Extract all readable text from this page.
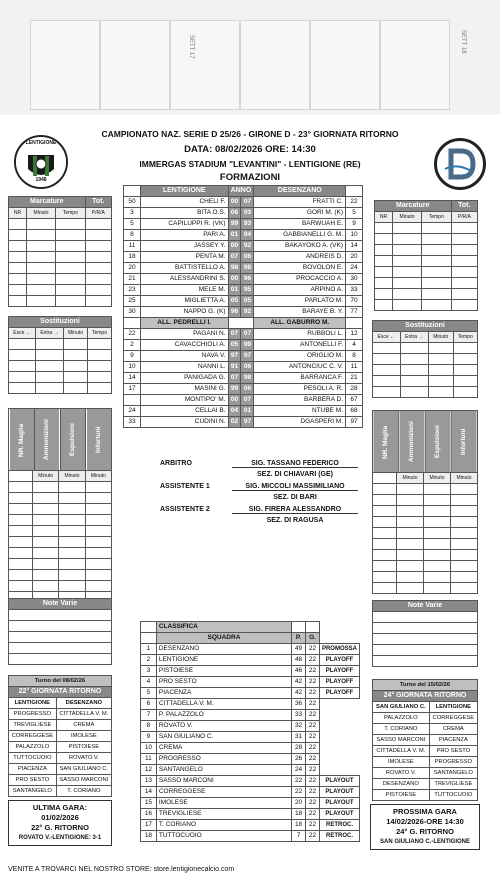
SETT 17	SETT 18
LENTIGIONE
1948
CAMPIONATO NAZ. SERIE D 25/26 - GIRONE D - 23° GIORNATA RITORNO
DATA: 08/02/2026 ORE: 14:30
IMMERGAS STADIUM "LEVANTINI" - LENTIGIONE (RE)
FORMAZIONI
Marcature			Tot.
NR	Minuto	Tempo	P/R/A

Sostituzioni			
Esce ←	Entra →	Minuto	Tempo

NR. Maglia	Ammonizioni	Espulsioni	Infortuni
	Minuto	Minuto	Minuto

Note Varie

Marcature			Tot.
NR	Minuto	Tempo	P/R/A

Sostituzioni			
Esce ←	Entra →	Minuto	Tempo

NR. Maglia	Ammonizioni	Espulsioni	Infortuni
	Minuto	Minuto	Minuto

Note Varie

	LENTIGIONE	ANNO		DESENZANO	
50	CHELI F.	00	07	FRATTI C.	22
3	BITA O.S.	06	93	GORI M. (K)	5
5	CAPILUPPI R. (VK)	99	93	BARWUAH E.	9
8	PARI A.	01	94	GABBIANELLI G. M.	10
11	JASSEY Y.	00	92	BAKAYOKO A. (VK)	14
18	PENTA M.	07	06	ANDREIS D.	20
20	BATTISTELLO A.	98	98	BOVOLON E.	24
21	ALESSANDRINI S.	00	96	PROCACCIO A.	30
23	MELE M.	01	95	ARPINO A.	33
25	MIGLIETTA A.	05	05	PARLATO M.	70
30	NAPPO G. (K)	96	92	BARAYE B. Y.	77
	ALL. PEDRELLI I.			ALL. GABURRO M.	
22	PAGANI N.	07	07	RUBBOLI L.	12
2	CAVACCHIOLI A.	05	99	ANTONELLI F.	4
9	NAVA V.	97	97	ORIGLIO M.	8
10	NANNI L.	91	06	ANTONCIUC C. V.	11
14	PANIGADA G.	07	98	BARRANCA F.	21
17	MASINI G.	99	06	PESOLI A. R.	28
	MONTIPO' M.	00	07	BARBERA D.	67
24	CELLAI B.	04	01	NTUBE M.	68
33	CUDINI N.	02	97	DGASPERI M.	97
ARBITRO	SIG. TASSANO FEDERICO
SEZ. DI CHIAVARI (GE)
ASSISTENTE 1	SIG. MICCOLI MASSIMILIANO
SEZ. DI BARI
ASSISTENTE 2	SIG. FIRERA ALESSANDRO
SEZ. DI RAGUSA
	CLASSIFICA			
	SQUADRA	P.	G.	
1	DESENZANO	49	22	PROMOSSA
2	LENTIGIONE	48	22	PLAYOFF
3	PISTOIESE	46	22	PLAYOFF
4	PRO SESTO	42	22	PLAYOFF
5	PIACENZA	42	22	PLAYOFF
6	CITTADELLA V. M.	36	22	
7	P. PALAZZOLO	33	22	
8	ROVATO V.	32	22	
9	SAN GIULIANO C.	31	22	
10	CREMA	28	22	
11	PROGRESSO	26	22	
12	SANTANGELO	24	22	
13	SASSO MARCONI	22	22	PLAYOUT
14	CORREGGESE	22	22	PLAYOUT
15	IMOLESE	20	22	PLAYOUT
16	TREVIGLIESE	18	22	PLAYOUT
17	T. CORIANO	18	22	RETROC.
18	TUTTOCUOIO	7	22	RETROC.
Turno del 08/02/26	
22° GIORNATA RITORNO	
LENTIGIONE	DESENZANO
PROGRESSO	CITTADELLA V. M.
TREVIGLIESE	CREMA
CORREGGESE	IMOLESE
PALAZZOLO	PISTOIESE
TUTTOCUOIO	ROVATO V.
PIACENZA	SAN GIULIANO C.
PRO SESTO	SASSO MARCONI
SANTANGELO	T. CORIANO
Turno del 15/02/26	
24° GIORNATA RITORNO	
SAN GIULIANO C.	LENTIGIONE
PALAZZOLO	CORREGGESE
T. CORIANO	CREMA
SASSO MARCONI	PIACENZA
CITTADELLA V. M.	PRO SESTO
IMOLESE	PROGRESSO
ROVATO V.	SANTANGELO
DESENZANO	TREVIGLIESE
PISTOIESE	TUTTOCUOIO
ULTIMA GARA:
01/02/2026
22° G. RITORNO
ROVATO V.-LENTIGIONE: 3-1
PROSSIMA GARA
14/02/2026-ORE 14:30
24° G. RITORNO
SAN GIULIANO C.-LENTIGIONE
VENITE A TROVARCI NEL NOSTRO STORE: store.lentigionecalcio.com
